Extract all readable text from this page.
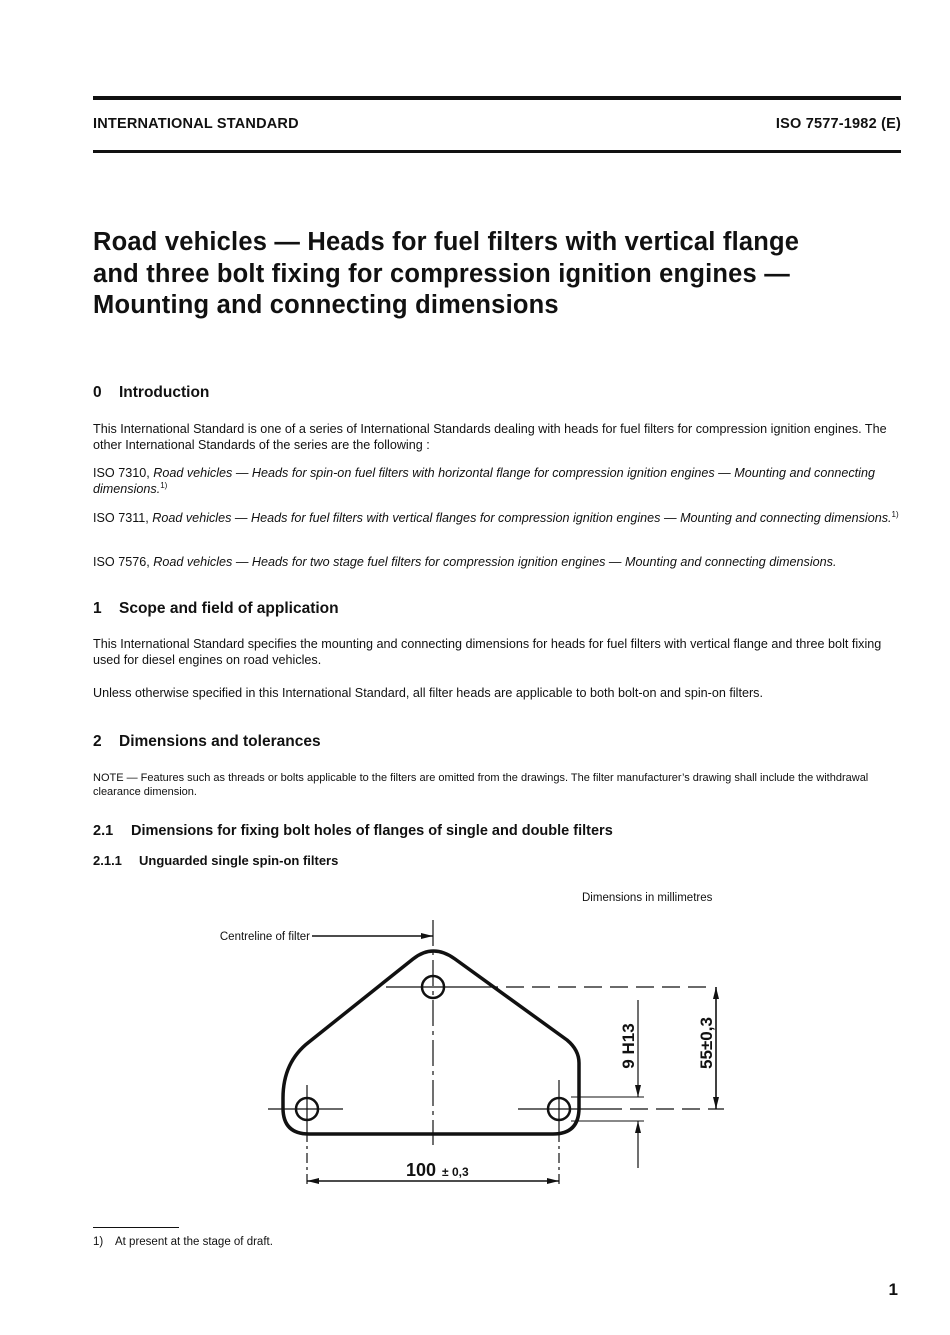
INTERNATIONAL STANDARD	ISO 7577-1982 (E)
Road vehicles — Heads for fuel filters with vertical flange
and three bolt fixing for compression ignition engines —
Mounting and connecting dimensions
0 Introduction

This International Standard is one of a series of International Standards dealing with heads for fuel filters for compression ignition engines. The other International Standards of the series are the following :

ISO 7310, Road vehicles — Heads for spin-on fuel filters with horizontal flange for compression ignition engines — Mounting and connecting dimensions.$^{1)}$

ISO 7311, Road vehicles — Heads for fuel filters with vertical flanges for compression ignition engines — Mounting and connecting dimensions.$^{1)}$

ISO 7576, Road vehicles — Heads for two stage fuel filters for compression ignition engines — Mounting and connecting dimensions.

1 Scope and field of application

This International Standard specifies the mounting and connecting dimensions for heads for fuel filters with vertical flange and three bolt fixing used for diesel engines on road vehicles.

Unless otherwise specified in this International Standard, all filter heads are applicable to both bolt-on and spin-on filters.

2 Dimensions and tolerances

NOTE — Features such as threads or bolts applicable to the filters are omitted from the drawings. The filter manufacturer’s drawing shall include the withdrawal clearance dimension.

2.1 Dimensions for fixing bolt holes of flanges of single and double filters
2.1.1 Unguarded single spin-on filters
Dimensions in millimetres
9 H13	55±0,3
100 ± 0,3
Centreline of filter
1) At present at the stage of draft.
1
